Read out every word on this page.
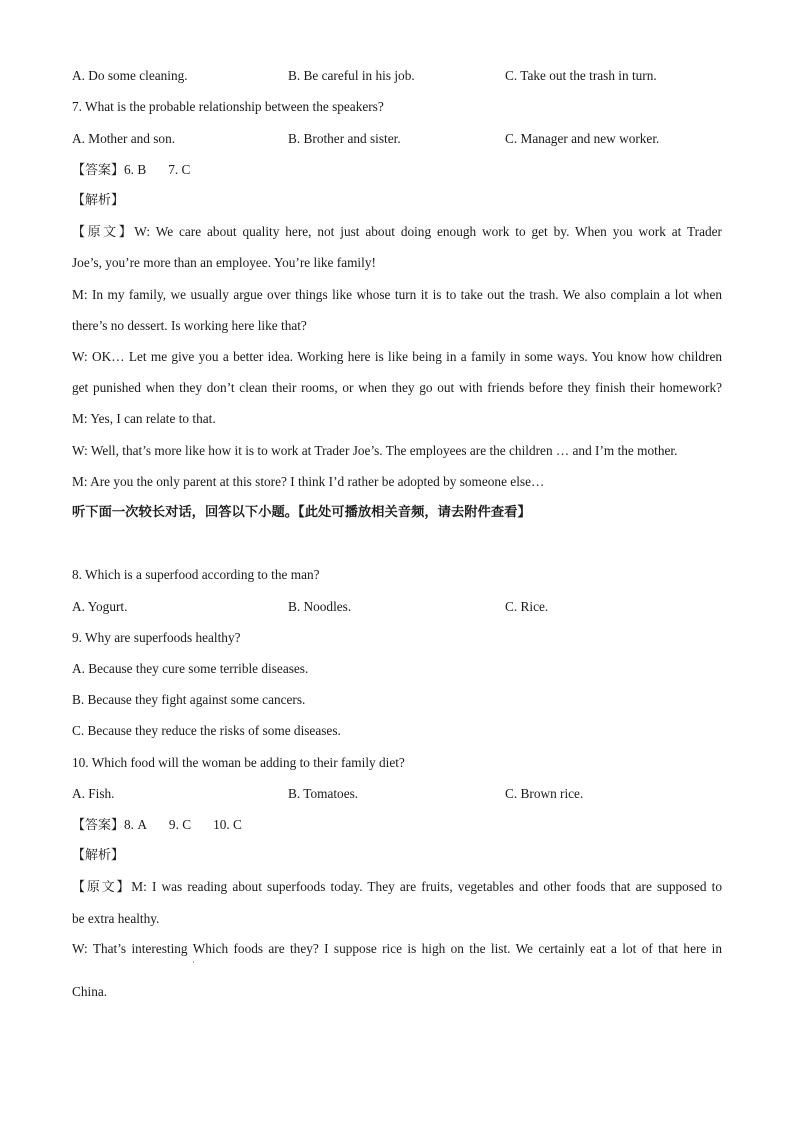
A. Do some cleaning.	B. Be careful in his job.	C. Take out the trash in turn.
7. What is the probable relationship between the speakers?
A. Mother and son.	B. Brother and sister.	C. Manager and new worker.
【答案】6. B 7. C
【解析】
【原文】W: We care about quality here, not just about doing enough work to get by. When you work at Trader
Joe’s, you’re more than an employee. You’re like family!
M: In my family, we usually argue over things like whose turn it is to take out the trash. We also complain a lot when
there’s no dessert. Is working here like that?
W: OK… Let me give you a better idea. Working here is like being in a family in some ways. You know how children
get punished when they don’t clean their rooms, or when they go out with friends before they finish their homework?
M: Yes, I can relate to that.
W: Well, that’s more like how it is to work at Trader Joe’s. The employees are the children … and I’m the mother.
M: Are you the only parent at this store? I think I’d rather be adopted by someone else…
听下面一次较长对话，回答以下小题。【此处可播放相关音频，请去附件查看】
8. Which is a superfood according to the man?
A. Yogurt.	B. Noodles.	C. Rice.
9. Why are superfoods healthy?
A. Because they cure some terrible diseases.
B. Because they fight against some cancers.
C. Because they reduce the risks of some diseases.
10. Which food will the woman be adding to their family diet?
A. Fish.	B. Tomatoes.	C. Brown rice.
【答案】8. A 9. C 10. C
【解析】
【原文】M: I was reading about superfoods today. They are fruits, vegetables and other foods that are supposed to
be extra healthy.
W: That’s interesting Which foods are they? I suppose rice is high on the list. We certainly eat a lot of that here in
·
China.
